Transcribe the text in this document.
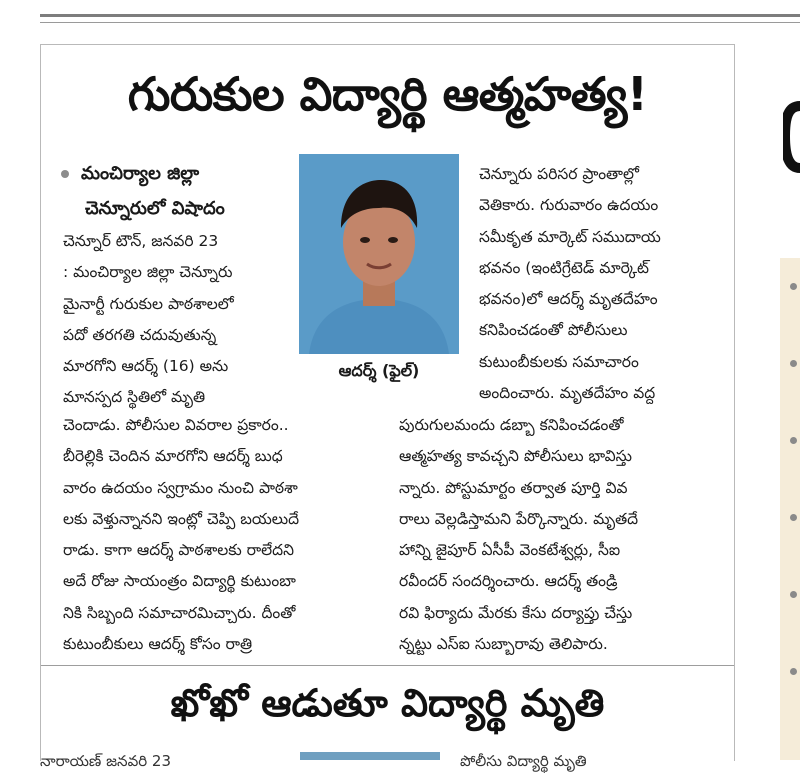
గురుకుల విద్యార్థి ఆత్మహత్య!
మంచిర్యాల జిల్లా
చెన్నూరులో విషాదం

చెన్నూర్ టౌన్, జనవరి 23

: మంచిర్యాల జిల్లా చెన్నూరు

మైనార్టీ గురుకుల పాఠశాలలో

పదో తరగతి చదువుతున్న

మారగోని ఆదర్శ్ (16) అను

మానస్పద స్థితిలో మృతి

ఆదర్శ్ (ఫైల్)

చెన్నూరు పరిసర ప్రాంతాల్లో

వెతికారు. గురువారం ఉదయం

సమీకృత మార్కెట్ సముదాయ

భవనం (ఇంటిగ్రేటెడ్ మార్కెట్

భవనం)లో ఆదర్శ్ మృతదేహం

కనిపించడంతో పోలీసులు

కుటుంబీకులకు సమాచారం

అందించారు. మృతదేహం వద్ద

చెందాడు. పోలీసుల వివరాల ప్రకారం..

బీరెల్లికి చెందిన మారగోని ఆదర్శ్ బుధ

వారం ఉదయం స్వగ్రామం నుంచి పాఠశా

లకు వెళ్తున్నానని ఇంట్లో చెప్పి బయలుదే

రాడు. కాగా ఆదర్శ్ పాఠశాలకు రాలేదని

అదే రోజు సాయంత్రం విద్యార్థి కుటుంబా

నికి సిబ్బంది సమాచారమిచ్చారు. దీంతో

కుటుంబీకులు ఆదర్శ్ కోసం రాత్రి

పురుగులమందు డబ్బా కనిపించడంతో

ఆత్మహత్య కావచ్చని పోలీసులు భావిస్తు

న్నారు. పోస్టుమార్టం తర్వాత పూర్తి వివ

రాలు వెల్లడిస్తామని పేర్కొన్నారు. మృతదే

హాన్ని జైపూర్ ఏసీపీ వెంకటేశ్వర్లు, సీఐ

రవీందర్ సందర్శించారు. ఆదర్శ్ తండ్రి

రవి ఫిర్యాదు మేరకు కేసు దర్యాప్తు చేస్తు

న్నట్టు ఎస్ఐ సుబ్బారావు తెలిపారు.

ఖోఖో ఆడుతూ విద్యార్థి మృతి
నారాయణ్ జనవరి 23	పోలీసు విద్యార్థి మృతి
